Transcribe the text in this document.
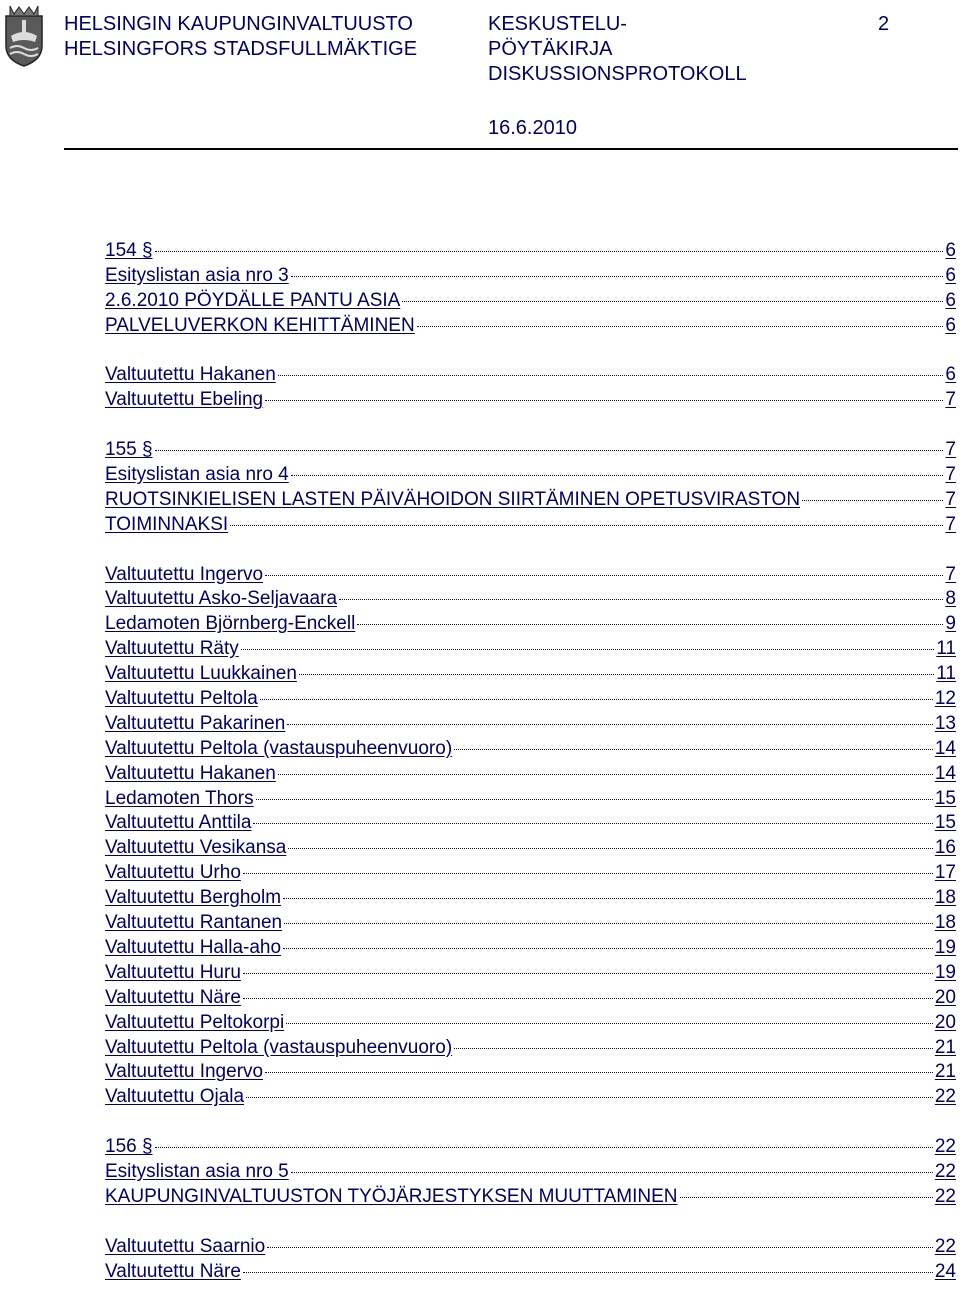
HELSINGIN KAUPUNGINVALTUUSTO
HELSINGFORS STADSFULLMÄKTIGE
KESKUSTELU-
PÖYTÄKIRJA
DISKUSSIONSPROTOKOLL
2
16.6.2010
154 §	6
Esityslistan asia nro 3	6
2.6.2010 PÖYDÄLLE PANTU ASIA	6
PALVELUVERKON KEHITTÄMINEN	6
Valtuutettu Hakanen	6
Valtuutettu Ebeling	7
155 §	7
Esityslistan asia nro 4	7
RUOTSINKIELISEN LASTEN PÄIVÄHOIDON SIIRTÄMINEN OPETUSVIRASTON	7
TOIMINNAKSI	7
Valtuutettu Ingervo	7
Valtuutettu Asko-Seljavaara	8
Ledamoten Björnberg-Enckell	9
Valtuutettu Räty	11
Valtuutettu Luukkainen	11
Valtuutettu Peltola	12
Valtuutettu Pakarinen	13
Valtuutettu Peltola (vastauspuheenvuoro)	14
Valtuutettu Hakanen	14
Ledamoten Thors	15
Valtuutettu Anttila	15
Valtuutettu Vesikansa	16
Valtuutettu Urho	17
Valtuutettu Bergholm	18
Valtuutettu Rantanen	18
Valtuutettu Halla-aho	19
Valtuutettu Huru	19
Valtuutettu Näre	20
Valtuutettu Peltokorpi	20
Valtuutettu Peltola (vastauspuheenvuoro)	21
Valtuutettu Ingervo	21
Valtuutettu Ojala	22
156 §	22
Esityslistan asia nro 5	22
KAUPUNGINVALTUUSTON TYÖJÄRJESTYKSEN MUUTTAMINEN	22
Valtuutettu Saarnio	22
Valtuutettu Näre	24
